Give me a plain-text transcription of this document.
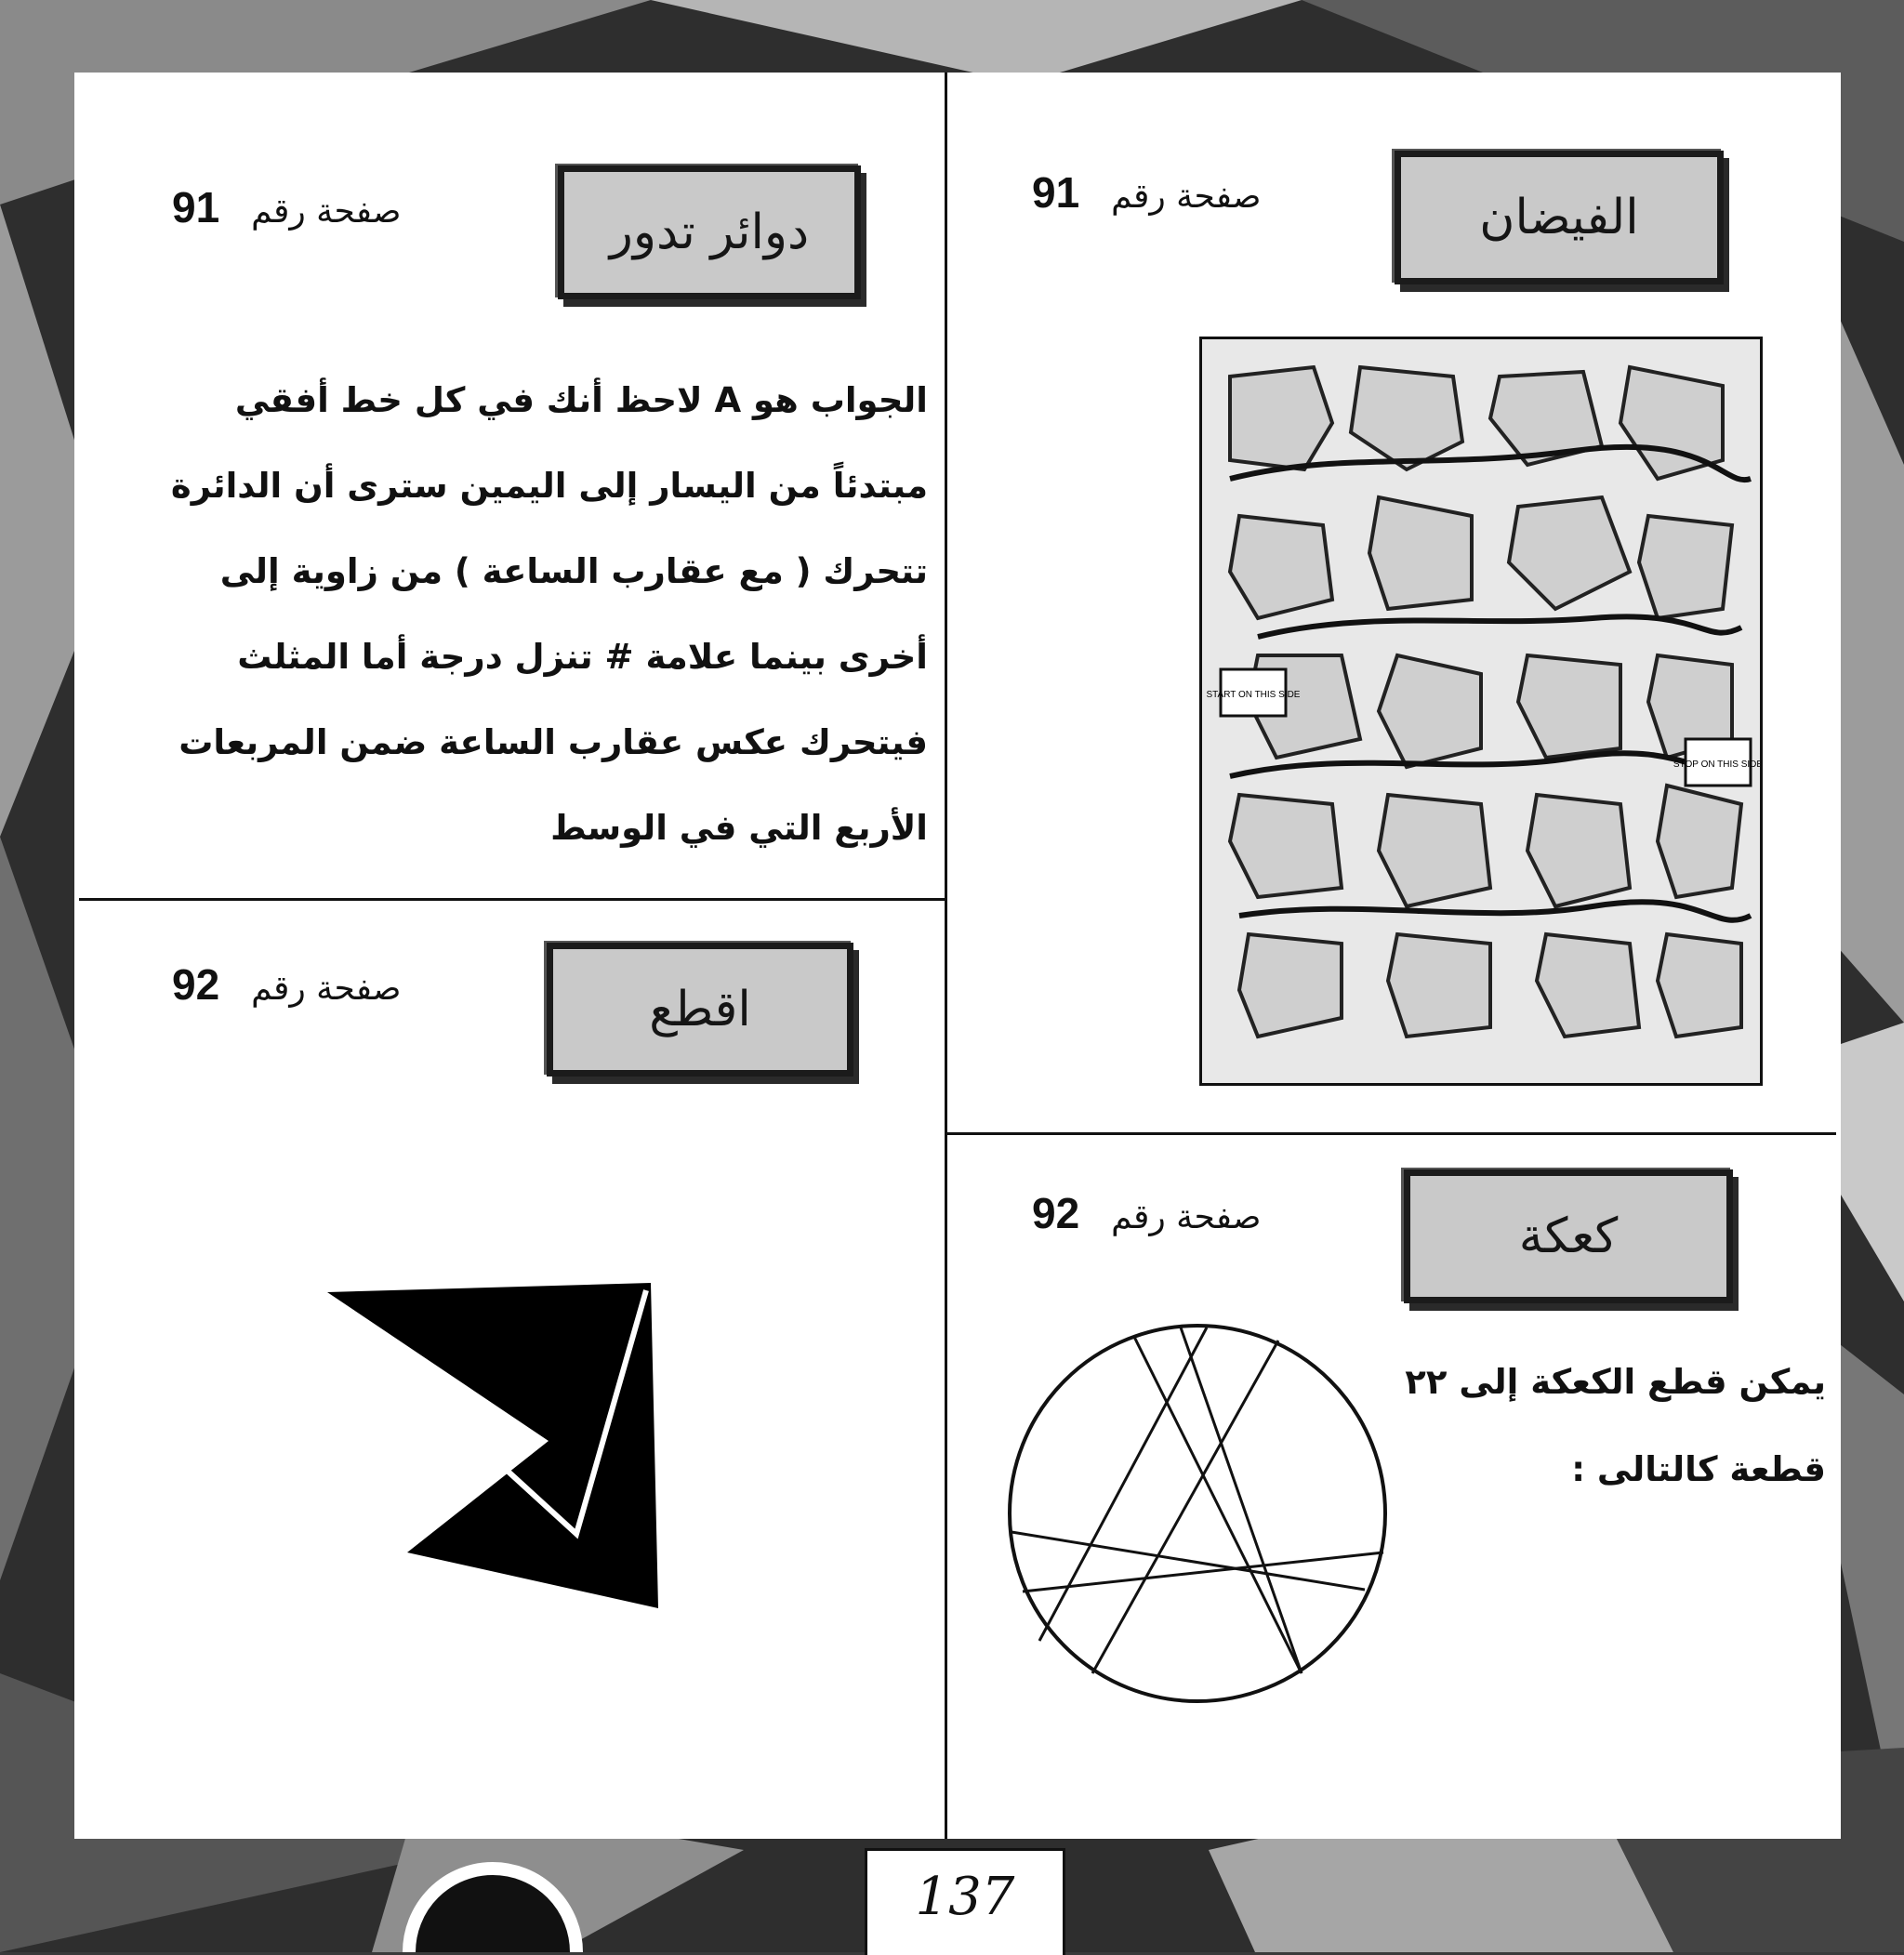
دوائر تدور
صفحة رقم91
الجواب هو A لاحظ أنك في كل خط أفقي
مبتدئاً من اليسار إلى اليمين سترى أن الدائرة
تتحرك ( مع عقارب الساعة ) من زاوية إلى
أخرى بينما علامة # تنزل درجة أما المثلث
فيتحرك عكس عقارب الساعة ضمن المربعات
الأربع التي في الوسط
الفيضان
صفحة رقم91
START ON THIS SIDE
STOP ON THIS SIDE
اقطع
صفحة رقم92
كعكة
صفحة رقم92
يمكن قطع الكعكة إلى ٢٢
قطعة كالتالى :
137
